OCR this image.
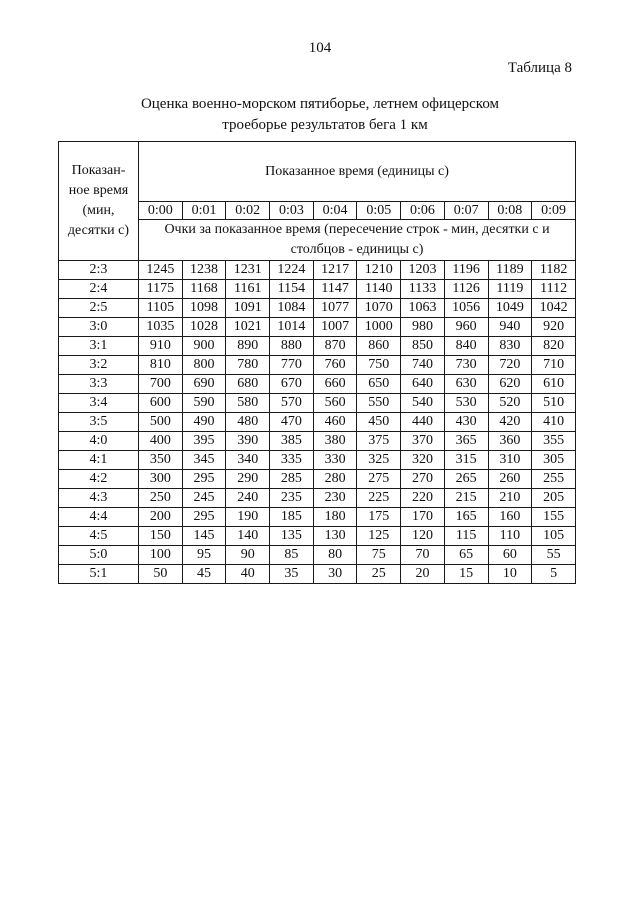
104
Таблица 8
Оценка военно-морском пятиборье, летнем офицерском
троеборье результатов бега 1 км
Показан-
ное время
(мин,
десятки с)	Показанное время (единицы с)									
	0:00	0:01	0:02	0:03	0:04	0:05	0:06	0:07	0:08	0:09
	Очки за показанное время (пересечение строк - мин, десятки с и столбцов - единицы с)									
2:3	1245	1238	1231	1224	1217	1210	1203	1196	1189	1182
2:4	1175	1168	1161	1154	1147	1140	1133	1126	1119	1112
2:5	1105	1098	1091	1084	1077	1070	1063	1056	1049	1042
3:0	1035	1028	1021	1014	1007	1000	980	960	940	920
3:1	910	900	890	880	870	860	850	840	830	820
3:2	810	800	780	770	760	750	740	730	720	710
3:3	700	690	680	670	660	650	640	630	620	610
3:4	600	590	580	570	560	550	540	530	520	510
3:5	500	490	480	470	460	450	440	430	420	410
4:0	400	395	390	385	380	375	370	365	360	355
4:1	350	345	340	335	330	325	320	315	310	305
4:2	300	295	290	285	280	275	270	265	260	255
4:3	250	245	240	235	230	225	220	215	210	205
4:4	200	295	190	185	180	175	170	165	160	155
4:5	150	145	140	135	130	125	120	115	110	105
5:0	100	95	90	85	80	75	70	65	60	55
5:1	50	45	40	35	30	25	20	15	10	5
